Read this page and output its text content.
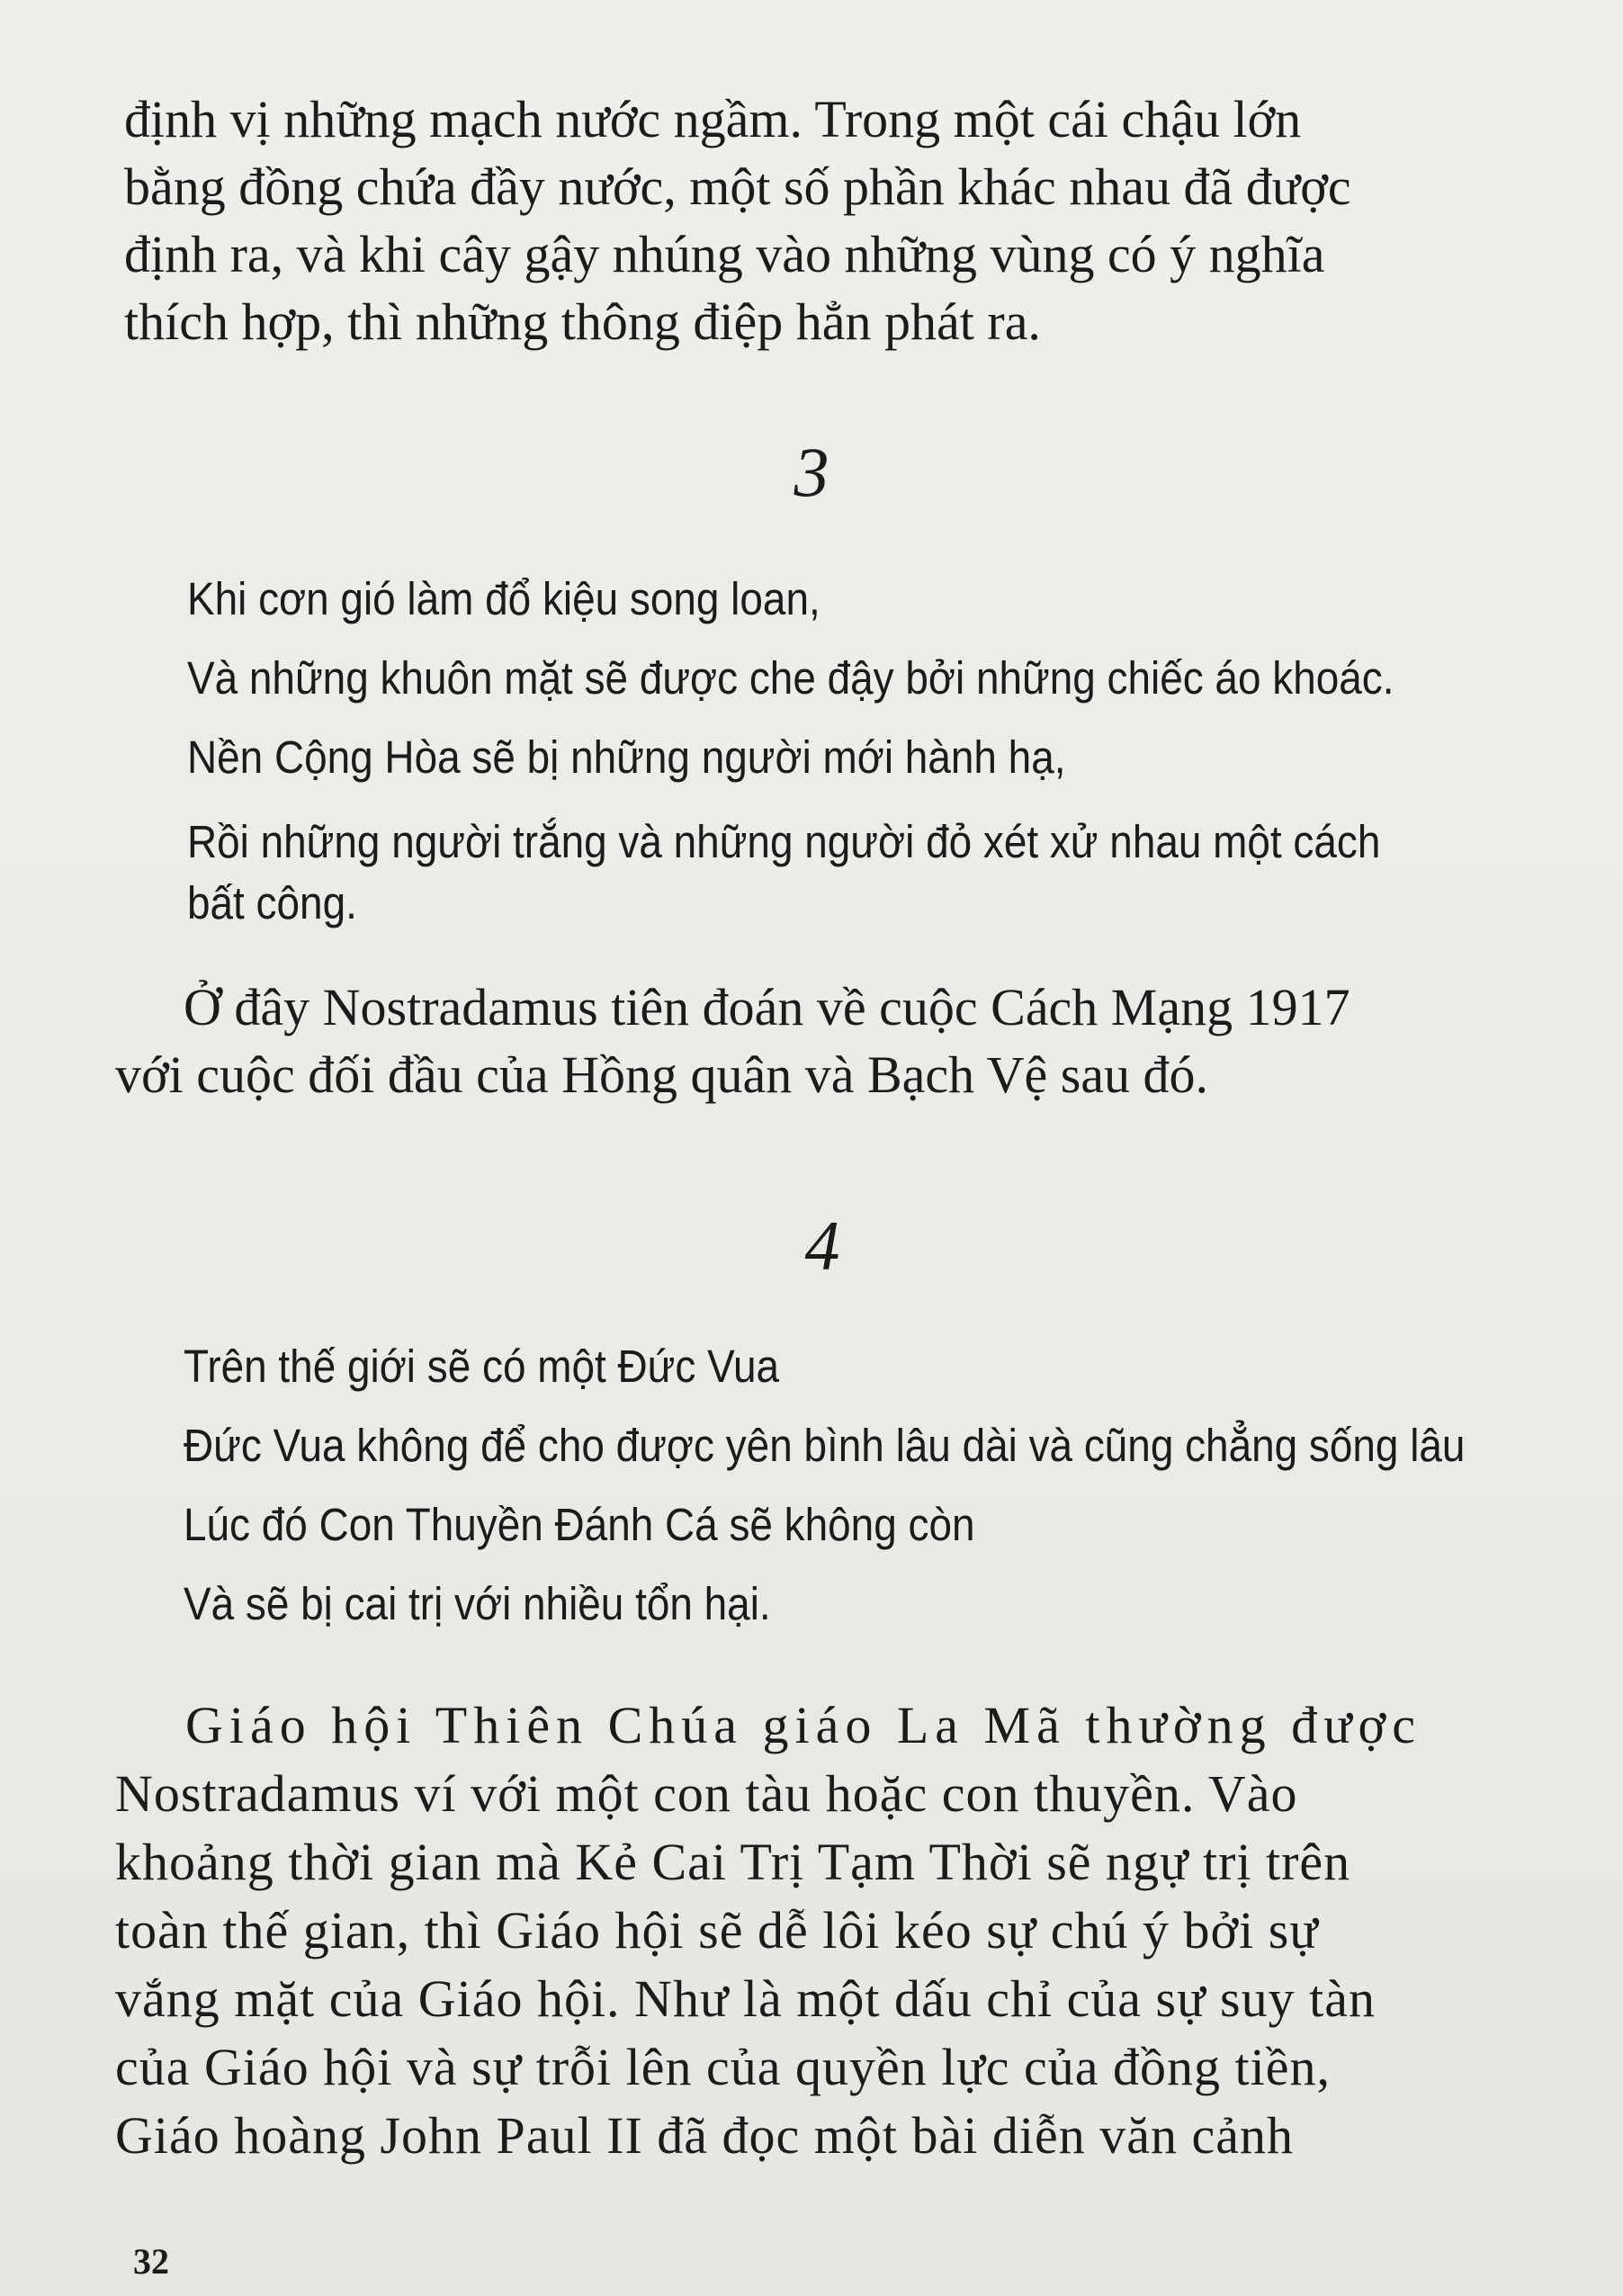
định vị những mạch nước ngầm. Trong một cái chậu lớn
bằng đồng chứa đầy nước, một số phần khác nhau đã được
định ra, và khi cây gậy nhúng vào những vùng có ý nghĩa
thích hợp, thì những thông điệp hẳn phát ra.

3
Khi cơn gió làm đổ kiệu song loan,
Và những khuôn mặt sẽ được che đậy bởi những chiếc áo khoác.
Nền Cộng Hòa sẽ bị những người mới hành hạ,
Rồi những người trắng và những người đỏ xét xử nhau một cách
bất công.

Ở đây Nostradamus tiên đoán về cuộc Cách Mạng 1917
với cuộc đối đầu của Hồng quân và Bạch Vệ sau đó.

4
Trên thế giới sẽ có một Đức Vua
Đức Vua không để cho được yên bình lâu dài và cũng chẳng sống lâu
Lúc đó Con Thuyền Đánh Cá sẽ không còn
Và sẽ bị cai trị với nhiều tổn hại.

Giáo hội Thiên Chúa giáo La Mã thường được
Nostradamus ví với một con tàu hoặc con thuyền. Vào
khoảng thời gian mà Kẻ Cai Trị Tạm Thời sẽ ngự trị trên
toàn thế gian, thì Giáo hội sẽ dễ lôi kéo sự chú ý bởi sự
vắng mặt của Giáo hội. Như là một dấu chỉ của sự suy tàn
của Giáo hội và sự trỗi lên của quyền lực của đồng tiền,
Giáo hoàng John Paul II đã đọc một bài diễn văn cảnh

32
